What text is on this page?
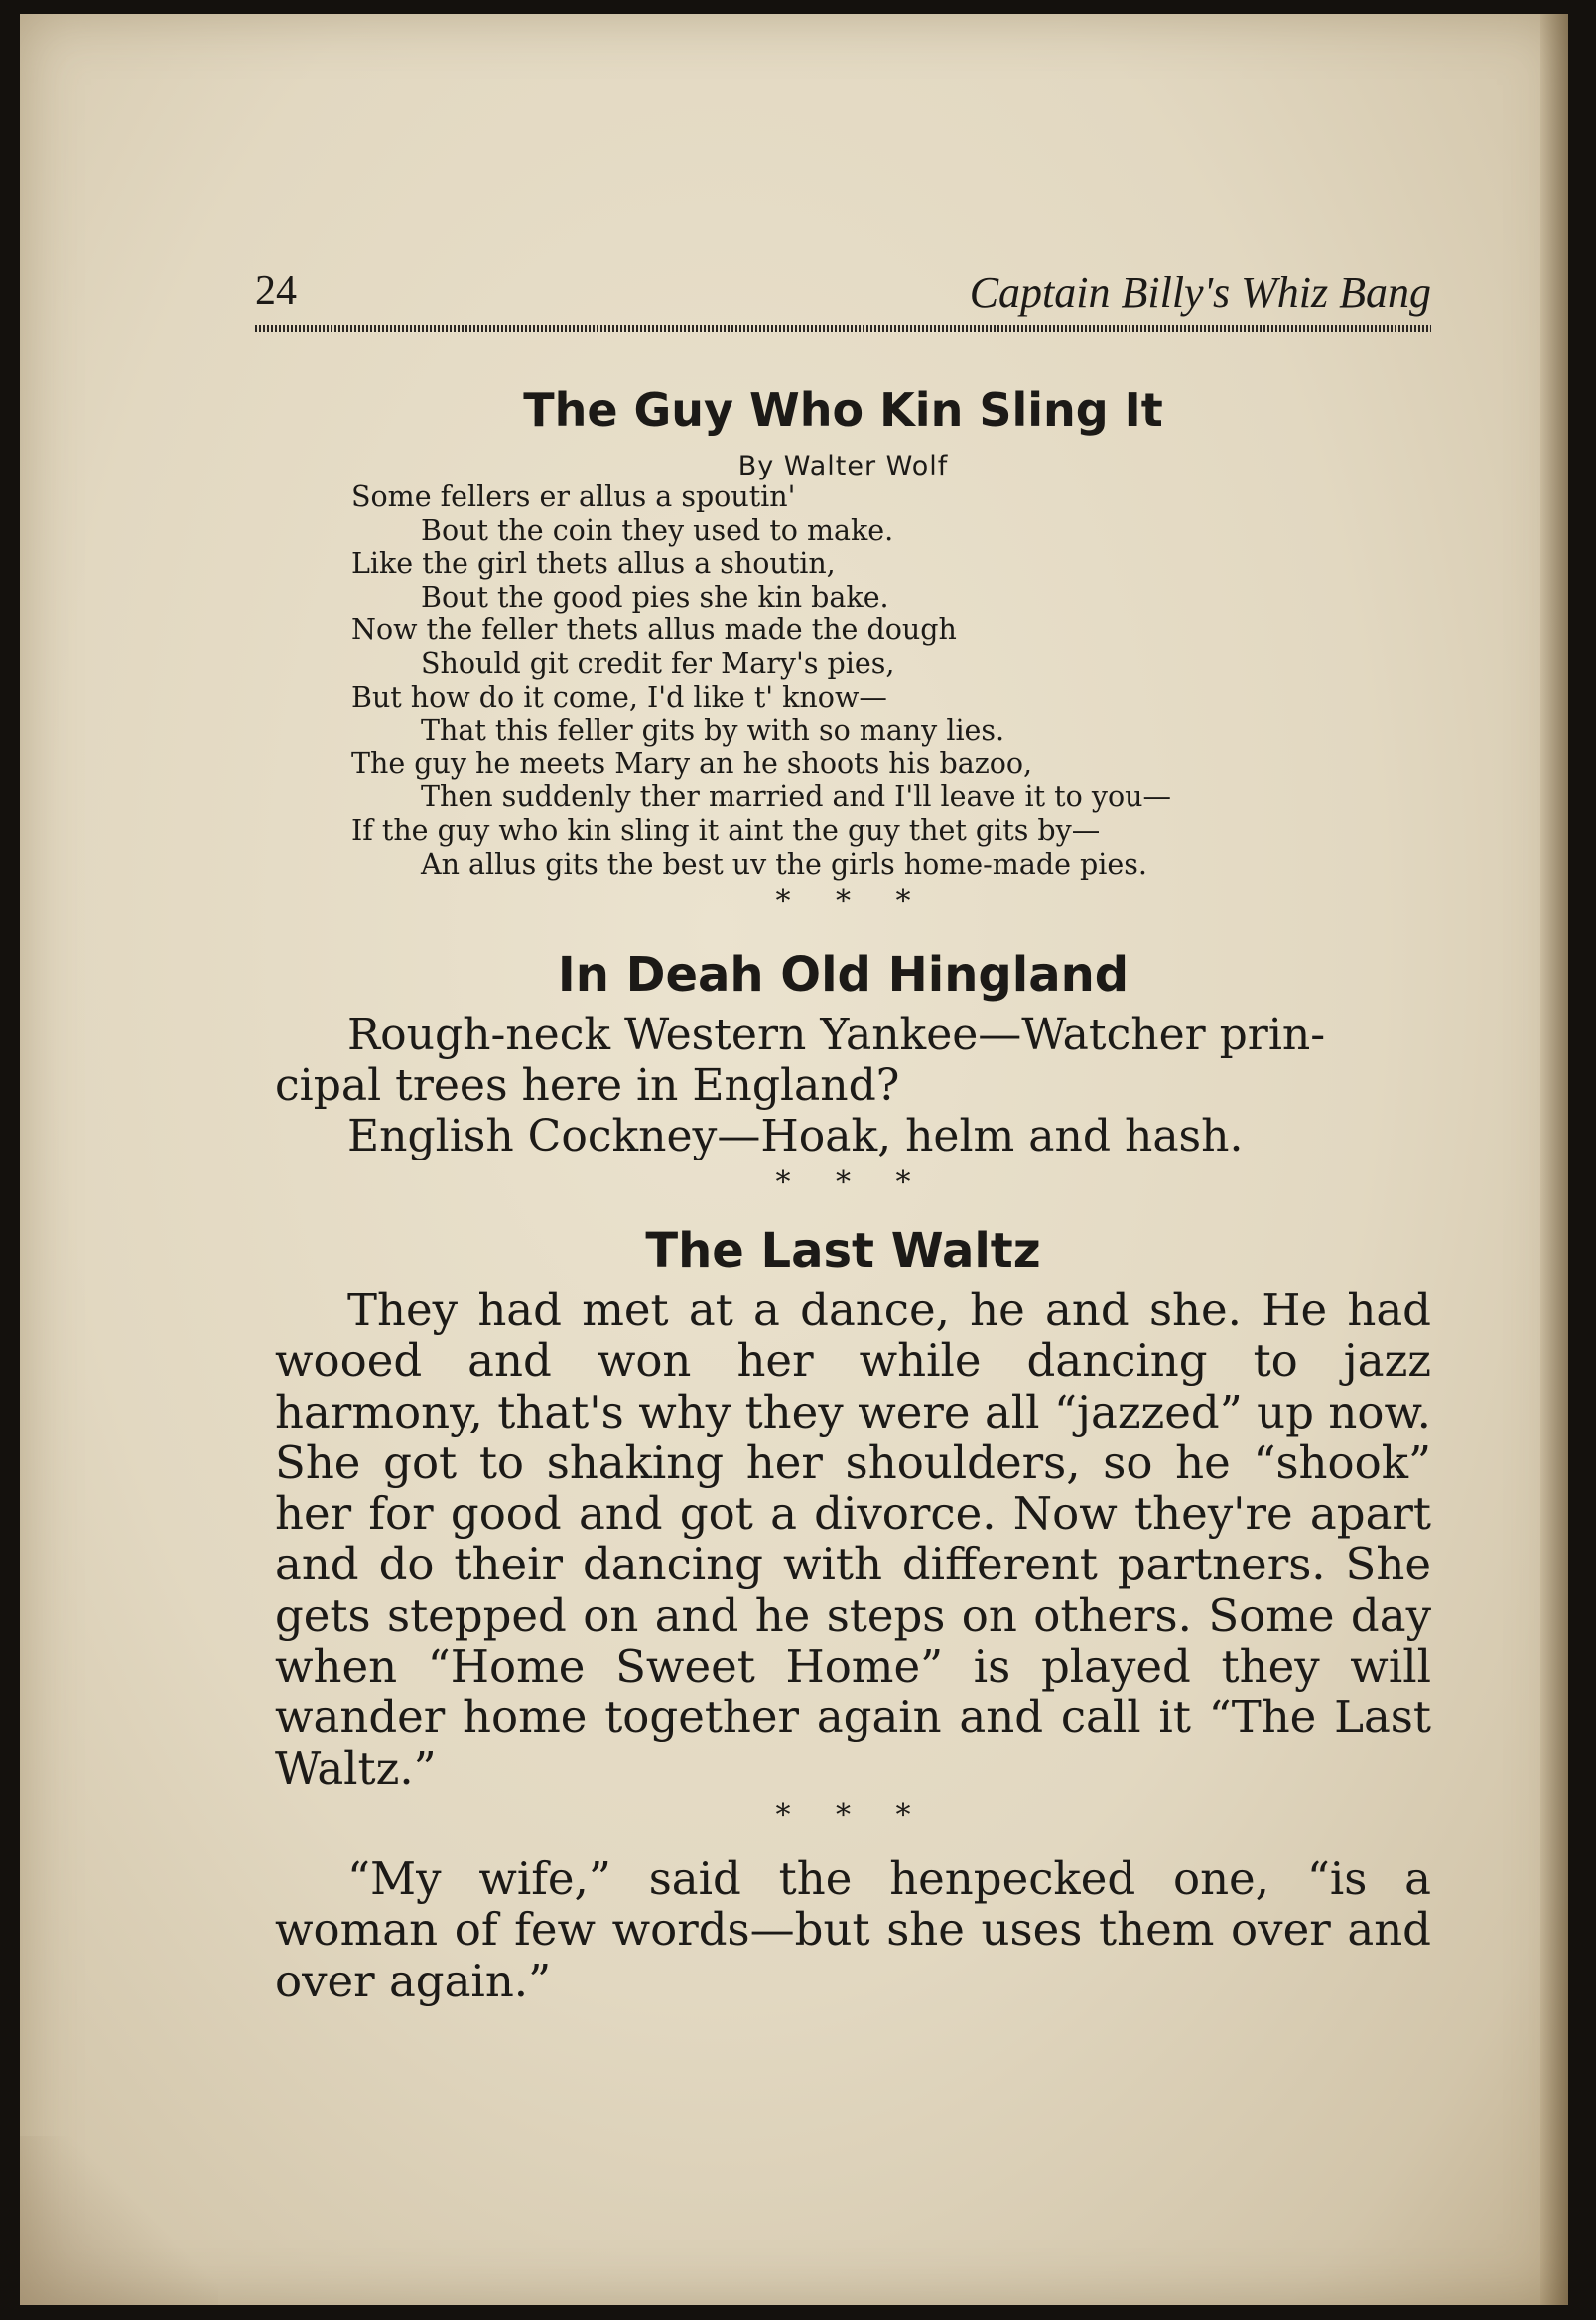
24	Captain Billy's Whiz Bang
The Guy Who Kin Sling It
By Walter Wolf
Some fellers er allus a spoutin'
Bout the coin they used to make.
Like the girl thets allus a shoutin,
Bout the good pies she kin bake.
Now the feller thets allus made the dough
Should git credit fer Mary's pies,
But how do it come, I'd like t' know—
That this feller gits by with so many lies.
The guy he meets Mary an he shoots his bazoo,
Then suddenly ther married and I'll leave it to you—
If the guy who kin sling it aint the guy thet gits by—
An allus gits the best uv the girls home-made pies.
* * *
In Deah Old Hingland

Rough-neck Western Yankee—Watcher prin-

cipal trees here in England?

English Cockney—Hoak, helm and hash.

* * *
The Last Waltz

They had met at a dance, he and she. He had wooed and won her while dancing to jazz harmony, that's why they were all “jazzed” up now. She got to shaking her shoulders, so he “shook” her for good and got a divorce. Now they're apart and do their dancing with different partners. She gets stepped on and he steps on others. Some day when “Home Sweet Home” is played they will wander home together again and call it “The Last Waltz.”

* * *

“My wife,” said the henpecked one, “is a woman of few words—but she uses them over and over again.”
